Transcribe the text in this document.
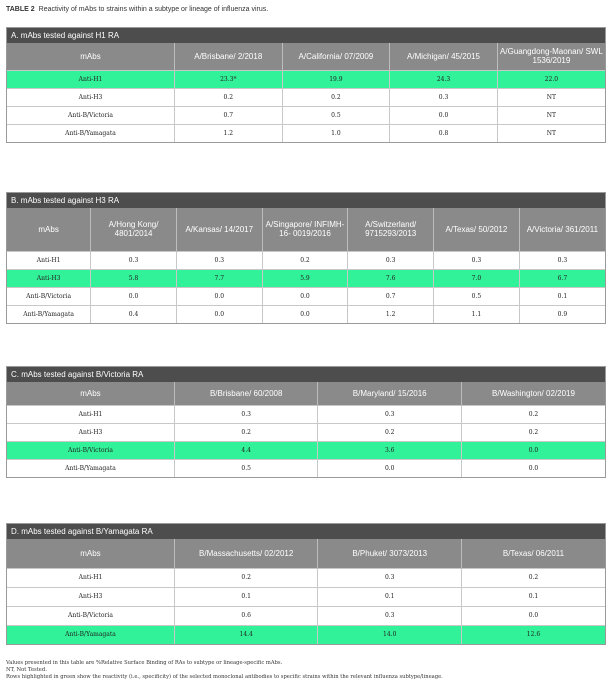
TABLE 2 Reactivity of mAbs to strains within a subtype or lineage of influenza virus.
A. mAbs tested against H1 RA
mAbs	A/Brisbane/ 2/2018	A/California/ 07/2009	A/Michigan/ 45/2015	A/Guangdong-Maonan/ SWL 1536/2019
Anti-H1	23.3*	19.9	24.3	22.0
Anti-H3	0.2	0.2	0.3	NT
Anti-B/Victoria	0.7	0.5	0.0	NT
Anti-B/Yamagata	1.2	1.0	0.8	NT
B. mAbs tested against H3 RA
mAbs	A/Hong Kong/ 4801/2014	A/Kansas/ 14/2017	A/Singapore/ INFIMH-16- 0019/2016	A/Switzerland/ 9715293/2013	A/Texas/ 50/2012	A/Victoria/ 361/2011
Anti-H1	0.3	0.3	0.2	0.3	0.3	0.3
Anti-H3	5.8	7.7	5.9	7.6	7.0	6.7
Anti-B/Victoria	0.0	0.0	0.0	0.7	0.5	0.1
Anti-B/Yamagata	0.4	0.0	0.0	1.2	1.1	0.9
C. mAbs tested against B/Victoria RA
mAbs	B/Brisbane/ 60/2008	B/Maryland/ 15/2016	B/Washington/ 02/2019
Anti-H1	0.3	0.3	0.2
Anti-H3	0.2	0.2	0.2
Anti-B/Victoria	4.4	3.6	0.0
Anti-B/Yamagata	0.5	0.0	0.0
D. mAbs tested against B/Yamagata RA
mAbs	B/Massachusetts/ 02/2012	B/Phuket/ 3073/2013	B/Texas/ 06/2011
Anti-H1	0.2	0.3	0.2
Anti-H3	0.1	0.1	0.1
Anti-B/Victoria	0.6	0.3	0.0
Anti-B/Yamagata	14.4	14.0	12.6
Values presented in this table are %Relative Surface Binding of RAs to subtype or lineage-specific mAbs.
NT, Not Tested.
Rows highlighted in green show the reactivity (i.e., specificity) of the selected monoclonal antibodies to specific strains within the relevant influenza subtype/lineage.
